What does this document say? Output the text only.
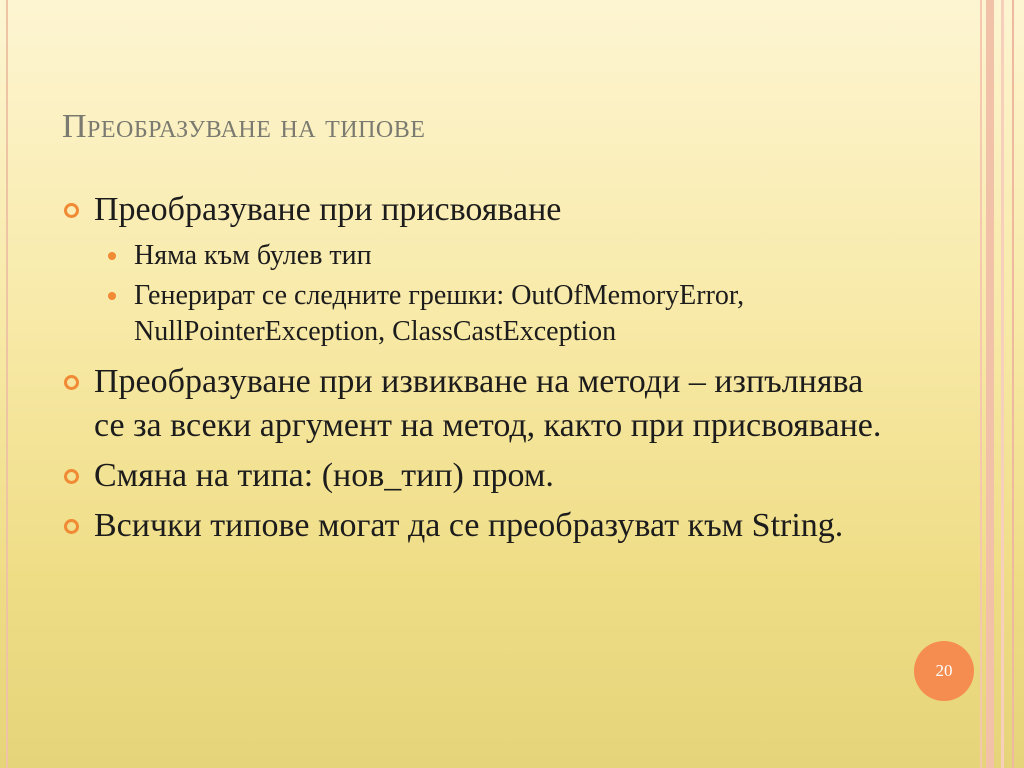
Преобразуване на типове
Преобразуване при присвояване
Няма към булев тип
Генерират се следните грешки: OutOfMemoryError, NullPointerException, ClassCastException
Преобразуване при извикване на методи – изпълнява се за всеки аргумент на метод, както при присвояване.
Смяна на типа: (нов_тип) пром.
Всички типове могат да се преобразуват към String.
20
